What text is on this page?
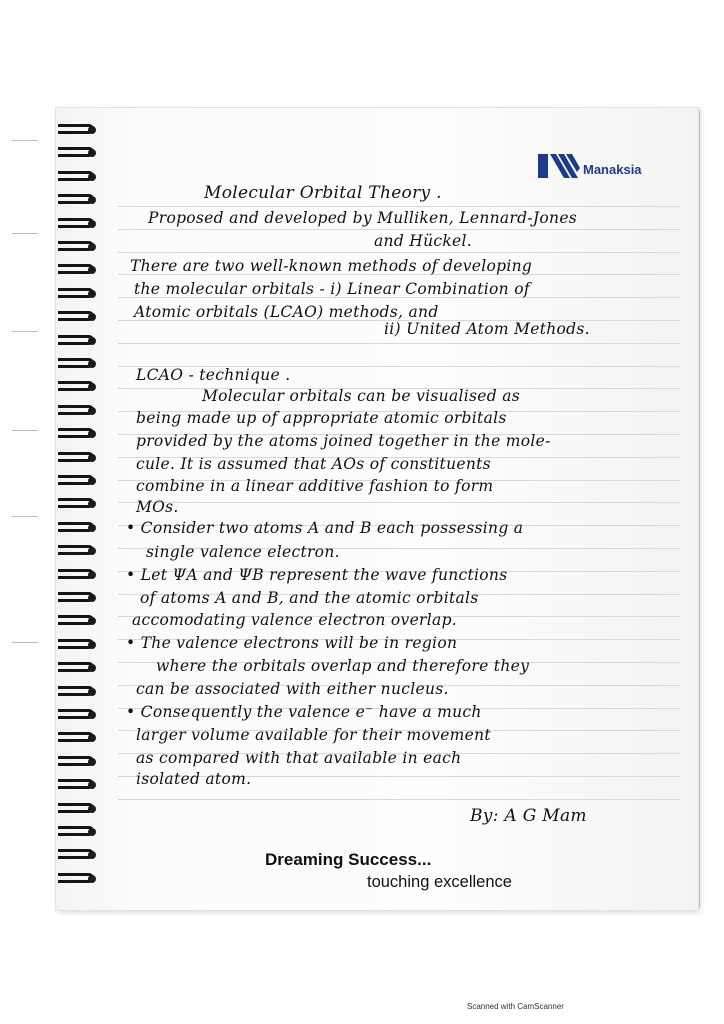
Manaksia
Molecular Orbital Theory .
Proposed and developed by Mulliken, Lennard-Jones
and Hückel.
There are two well-known methods of developing
the molecular orbitals - i) Linear Combination of
Atomic orbitals (LCAO) methods, and
ii) United Atom Methods.
LCAO - technique .
Molecular orbitals can be visualised as
being made up of appropriate atomic orbitals
provided by the atoms joined together in the mole-
cule. It is assumed that AOs of constituents
combine in a linear additive fashion to form
MOs.
• Consider two atoms A and B each possessing a
single valence electron.
• Let ΨA and ΨB represent the wave functions
of atoms A and B, and the atomic orbitals
accomodating valence electron overlap.
• The valence electrons will be in region
where the orbitals overlap and therefore they
can be associated with either nucleus.
• Consequently the valence e⁻ have a much
larger volume available for their movement
as compared with that available in each
isolated atom.
By: A G Mam
Dreaming Success...
touching excellence
Scanned with CamScanner
